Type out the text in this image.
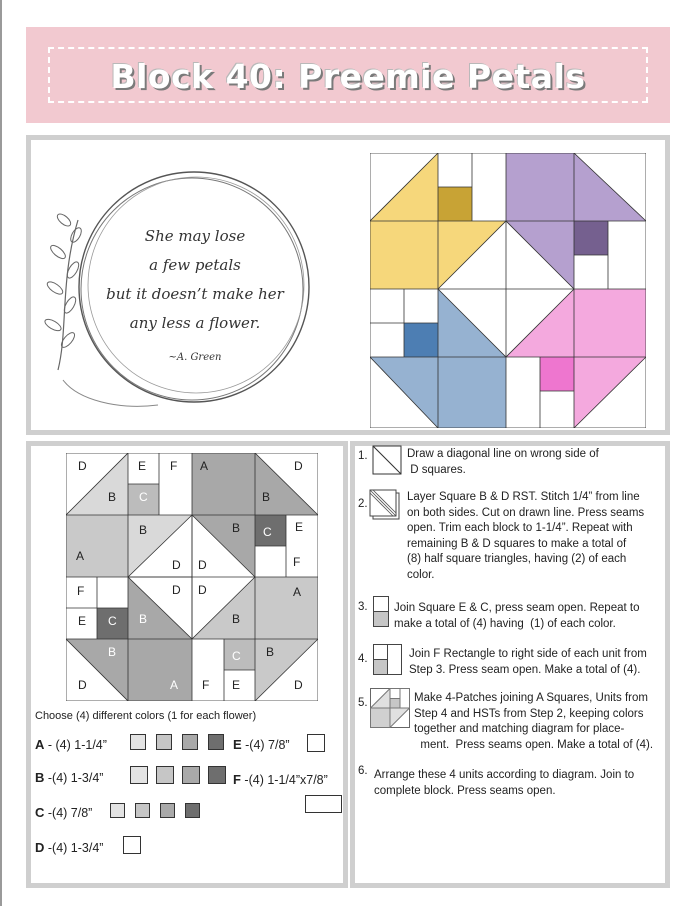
Block 40: Preemie Petals
She may lose
a few petals
but it doesn’t make her
any less a flower.
~A. Green
D	E F A	D
B C	B
B	B C E
A
D D	F
F	D D	A
E C B	B
B	C B
D	A F E	D
Choose (4) different colors (1 for each flower)
A - (4) 1-1/4”	E -(4) 7/8”
B -(4) 1-3/4”	F -(4) 1-1/4”x7/8”
C -(4) 7/8”
D -(4) 1-3/4”
1.	Draw a diagonal line on wrong side of
D squares.
2.
Layer Square B & D RST. Stitch 1/4” from line
on both sides. Cut on drawn line. Press seams
open. Trim each block to 1-1/4”. Repeat with
remaining B & D squares to make a total of
(8) half square triangles, having (2) of each
color.
3. Join Square E & C, press seam open. Repeat to
make a total of (4) having  (1) of each color.
4.	Join F Rectangle to right side of each unit from
Step 3. Press seam open. Make a total of (4).
5.	Make 4-Patches joining A Squares, Units from
Step 4 and HSTs from Step 2, keeping colors
together and matching diagram for place-
ment.  Press seams open. Make a total of (4).
6. Arrange these 4 units according to diagram. Join to
complete block. Press seams open.
